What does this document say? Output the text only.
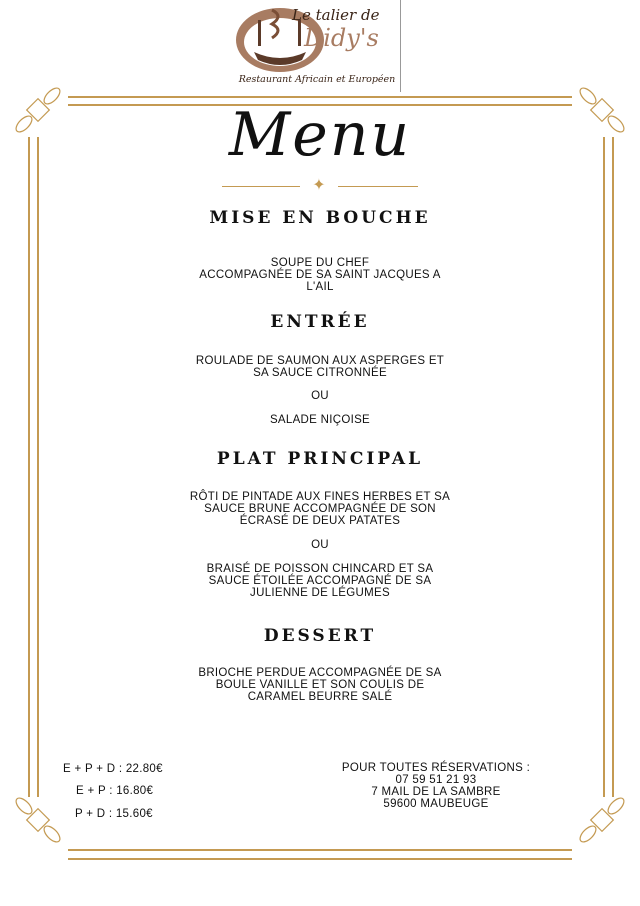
Le talier de
Didy's
Restaurant Africain et Européen
Menu
✦
MISE EN BOUCHE
SOUPE DU CHEF
ACCOMPAGNÉE DE SA SAINT JACQUES A
L'AIL
ENTRÉE
ROULADE DE SAUMON AUX ASPERGES ET
SA SAUCE CITRONNÉE
OU
SALADE NIÇOISE
PLAT PRINCIPAL
RÔTI DE PINTADE AUX FINES HERBES ET SA
SAUCE BRUNE ACCOMPAGNÉE DE SON
ÉCRASÉ DE DEUX PATATES
OU
BRAISÉ DE POISSON CHINCARD ET SA
SAUCE ÉTOILÉE ACCOMPAGNÉ DE SA
JULIENNE DE LÉGUMES
DESSERT
BRIOCHE PERDUE ACCOMPAGNÉE DE SA
BOULE VANILLE ET SON COULIS DE
CARAMEL BEURRE SALÉ
E + P + D : 22.80€
E + P : 16.80€
P + D : 15.60€
POUR TOUTES RÉSERVATIONS :
07 59 51 21 93
7 MAIL DE LA SAMBRE
59600 MAUBEUGE
